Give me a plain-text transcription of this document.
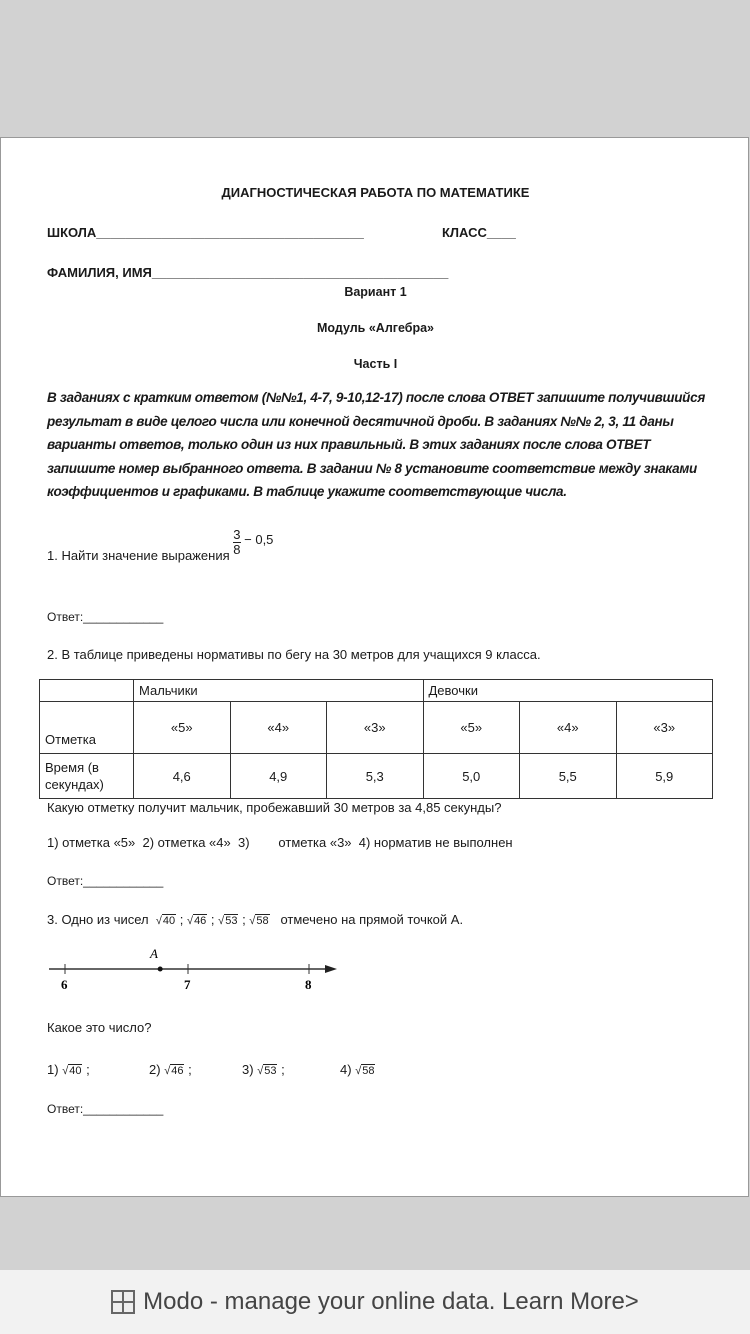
ДИАГНОСТИЧЕСКАЯ РАБОТА ПО МАТЕМАТИКЕ
ШКОЛА_____________________________________	КЛАСС____
ФАМИЛИЯ, ИМЯ_________________________________________
Вариант 1
Модуль «Алгебра»
Часть I
В заданиях с кратким ответом (№№1, 4-7, 9-10,12-17) после слова ОТВЕТ запишите получившийся результат в виде целого числа или конечной десятичной дроби. В заданиях №№ 2, 3, 11 даны варианты ответов, только один из них правильный. В этих заданиях после слова ОТВЕТ запишите номер выбранного ответа. В задании № 8 установите соответствие между знаками коэффициентов и графиками. В таблице укажите соответствующие числа.
1. Найти значение выражения $\frac{3}{8} - 0,5$
Ответ:____________
2. В таблице приведены нормативы по бегу на 30 метров для учащихся 9 класса.
	Мальчики			Девочки		
Отметка	«5»	«4»	«3»	«5»	«4»	«3»
Время (в секундах)	4,6	4,9	5,3	5,0	5,5	5,9
Какую отметку получит мальчик, пробежавший 30 метров за 4,85 секунды?
1) отметка «5»  2) отметка «4»  3)        отметка «3»  4) норматив не выполнен
Ответ:____________
3. Одно из чисел √40 ; √46 ; √53 ; √58 отмечено на прямой точкой А.
A
6	7	8
Какое это число?
1) √40 ;	2) √46 ;	3) √53 ;	4) √58
Ответ:____________
Modo - manage your online data. Learn More>
